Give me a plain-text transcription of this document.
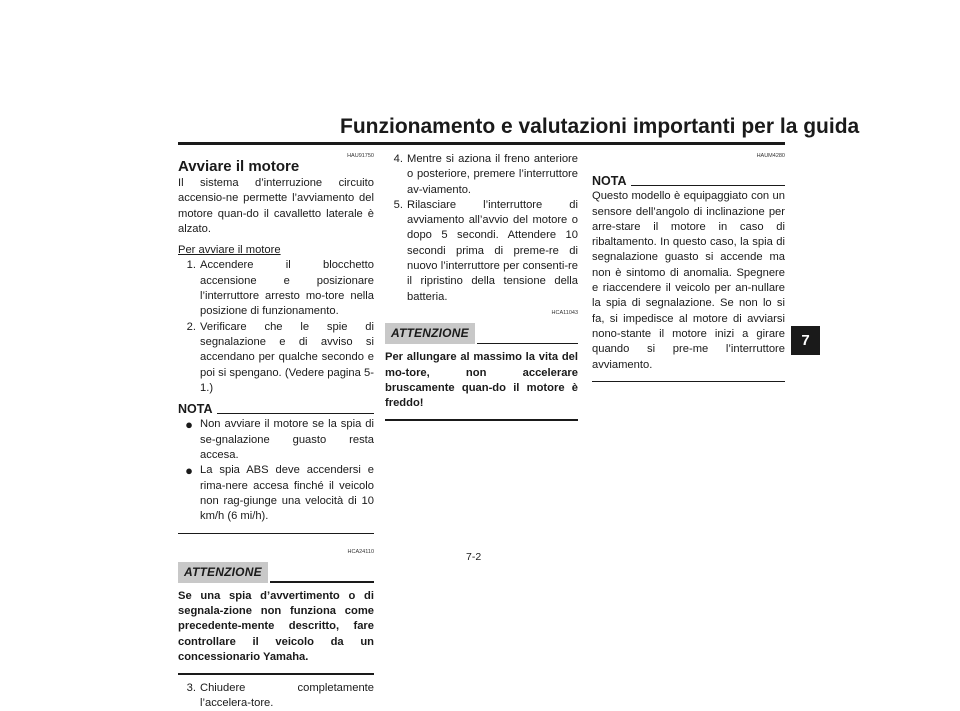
Funzionamento e valutazioni importanti per la guida
7
HAU91750
Avviare il motore

Il sistema d’interruzione circuito accensio-ne permette l’avviamento del motore quan-do il cavalletto laterale è alzato.

Per avviare il motore

1. Accendere il blocchetto accensione e posizionare l’interruttore arresto mo-tore nella posizione di funzionamento.
2. Verificare che le spie di segnalazione e di avviso si accendano per qualche secondo e poi si spengano. (Vedere pagina 5-1.)
NOTA
● Non avviare il motore se la spia di se-gnalazione guasto resta accesa.
● La spia ABS deve accendersi e rima-nere accesa finché il veicolo non rag-giunge una velocità di 10 km/h (6 mi/h).
HCA24110
ATTENZIONE

Se una spia d’avvertimento o di segnala-zione non funziona come precedente-mente descritto, fare controllare il veicolo da un concessionario Yamaha.

3. Chiudere completamente l’accelera-tore.
4. Mentre si aziona il freno anteriore o posteriore, premere l’interruttore av-viamento.
5. Rilasciare l’interruttore di avviamento all’avvio del motore o dopo 5 secondi. Attendere 10 secondi prima di preme-re di nuovo l’interruttore per consenti-re il ripristino della tensione della batteria.
HCA11043
ATTENZIONE

Per allungare al massimo la vita del mo-tore, non accelerare bruscamente quan-do il motore è freddo!

HAUM4280
NOTA

Questo modello è equipaggiato con un sensore dell’angolo di inclinazione per arre-stare il motore in caso di ribaltamento. In questo caso, la spia di segnalazione guasto si accende ma non è sintomo di anomalia. Spegnere e riaccendere il veicolo per an-nullare la spia di segnalazione. Se non lo si fa, si impedisce al motore di avviarsi nono-stante il motore inizi a girare quando si pre-me l’interruttore avviamento.

7-2
